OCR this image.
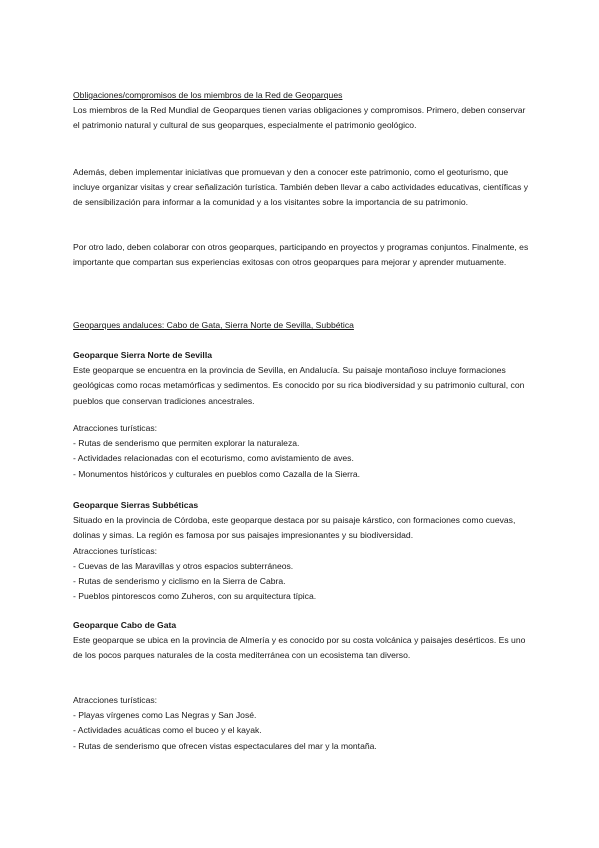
Obligaciones/compromisos de los miembros de la Red de Geoparques

Los miembros de la Red Mundial de Geoparques tienen varias obligaciones y compromisos. Primero, deben conservar el patrimonio natural y cultural de sus geoparques, especialmente el patrimonio geológico.

Además, deben implementar iniciativas que promuevan y den a conocer este patrimonio, como el geoturismo, que incluye organizar visitas y crear señalización turística. También deben llevar a cabo actividades educativas, científicas y de sensibilización para informar a la comunidad y a los visitantes sobre la importancia de su patrimonio.

Por otro lado, deben colaborar con otros geoparques, participando en proyectos y programas conjuntos. Finalmente, es importante que compartan sus experiencias exitosas con otros geoparques para mejorar y aprender mutuamente.

Geoparques andaluces: Cabo de Gata, Sierra Norte de Sevilla, Subbética

Geoparque Sierra Norte de Sevilla

Este geoparque se encuentra en la provincia de Sevilla, en Andalucía. Su paisaje montañoso incluye formaciones geológicas como rocas metamórficas y sedimentos. Es conocido por su rica biodiversidad y su patrimonio cultural, con pueblos que conservan tradiciones ancestrales.

Atracciones turísticas:

- Rutas de senderismo que permiten explorar la naturaleza.
- Actividades relacionadas con el ecoturismo, como avistamiento de aves.
- Monumentos históricos y culturales en pueblos como Cazalla de la Sierra.

Geoparque Sierras Subbéticas

Situado en la provincia de Córdoba, este geoparque destaca por su paisaje kárstico, con formaciones como cuevas, dolinas y simas. La región es famosa por sus paisajes impresionantes y su biodiversidad.

Atracciones turísticas:

- Cuevas de las Maravillas y otros espacios subterráneos.
- Rutas de senderismo y ciclismo en la Sierra de Cabra.
- Pueblos pintorescos como Zuheros, con su arquitectura típica.

Geoparque Cabo de Gata

Este geoparque se ubica en la provincia de Almería y es conocido por su costa volcánica y paisajes desérticos. Es uno de los pocos parques naturales de la costa mediterránea con un ecosistema tan diverso.

Atracciones turísticas:

- Playas vírgenes como Las Negras y San José.
- Actividades acuáticas como el buceo y el kayak.
- Rutas de senderismo que ofrecen vistas espectaculares del mar y la montaña.
